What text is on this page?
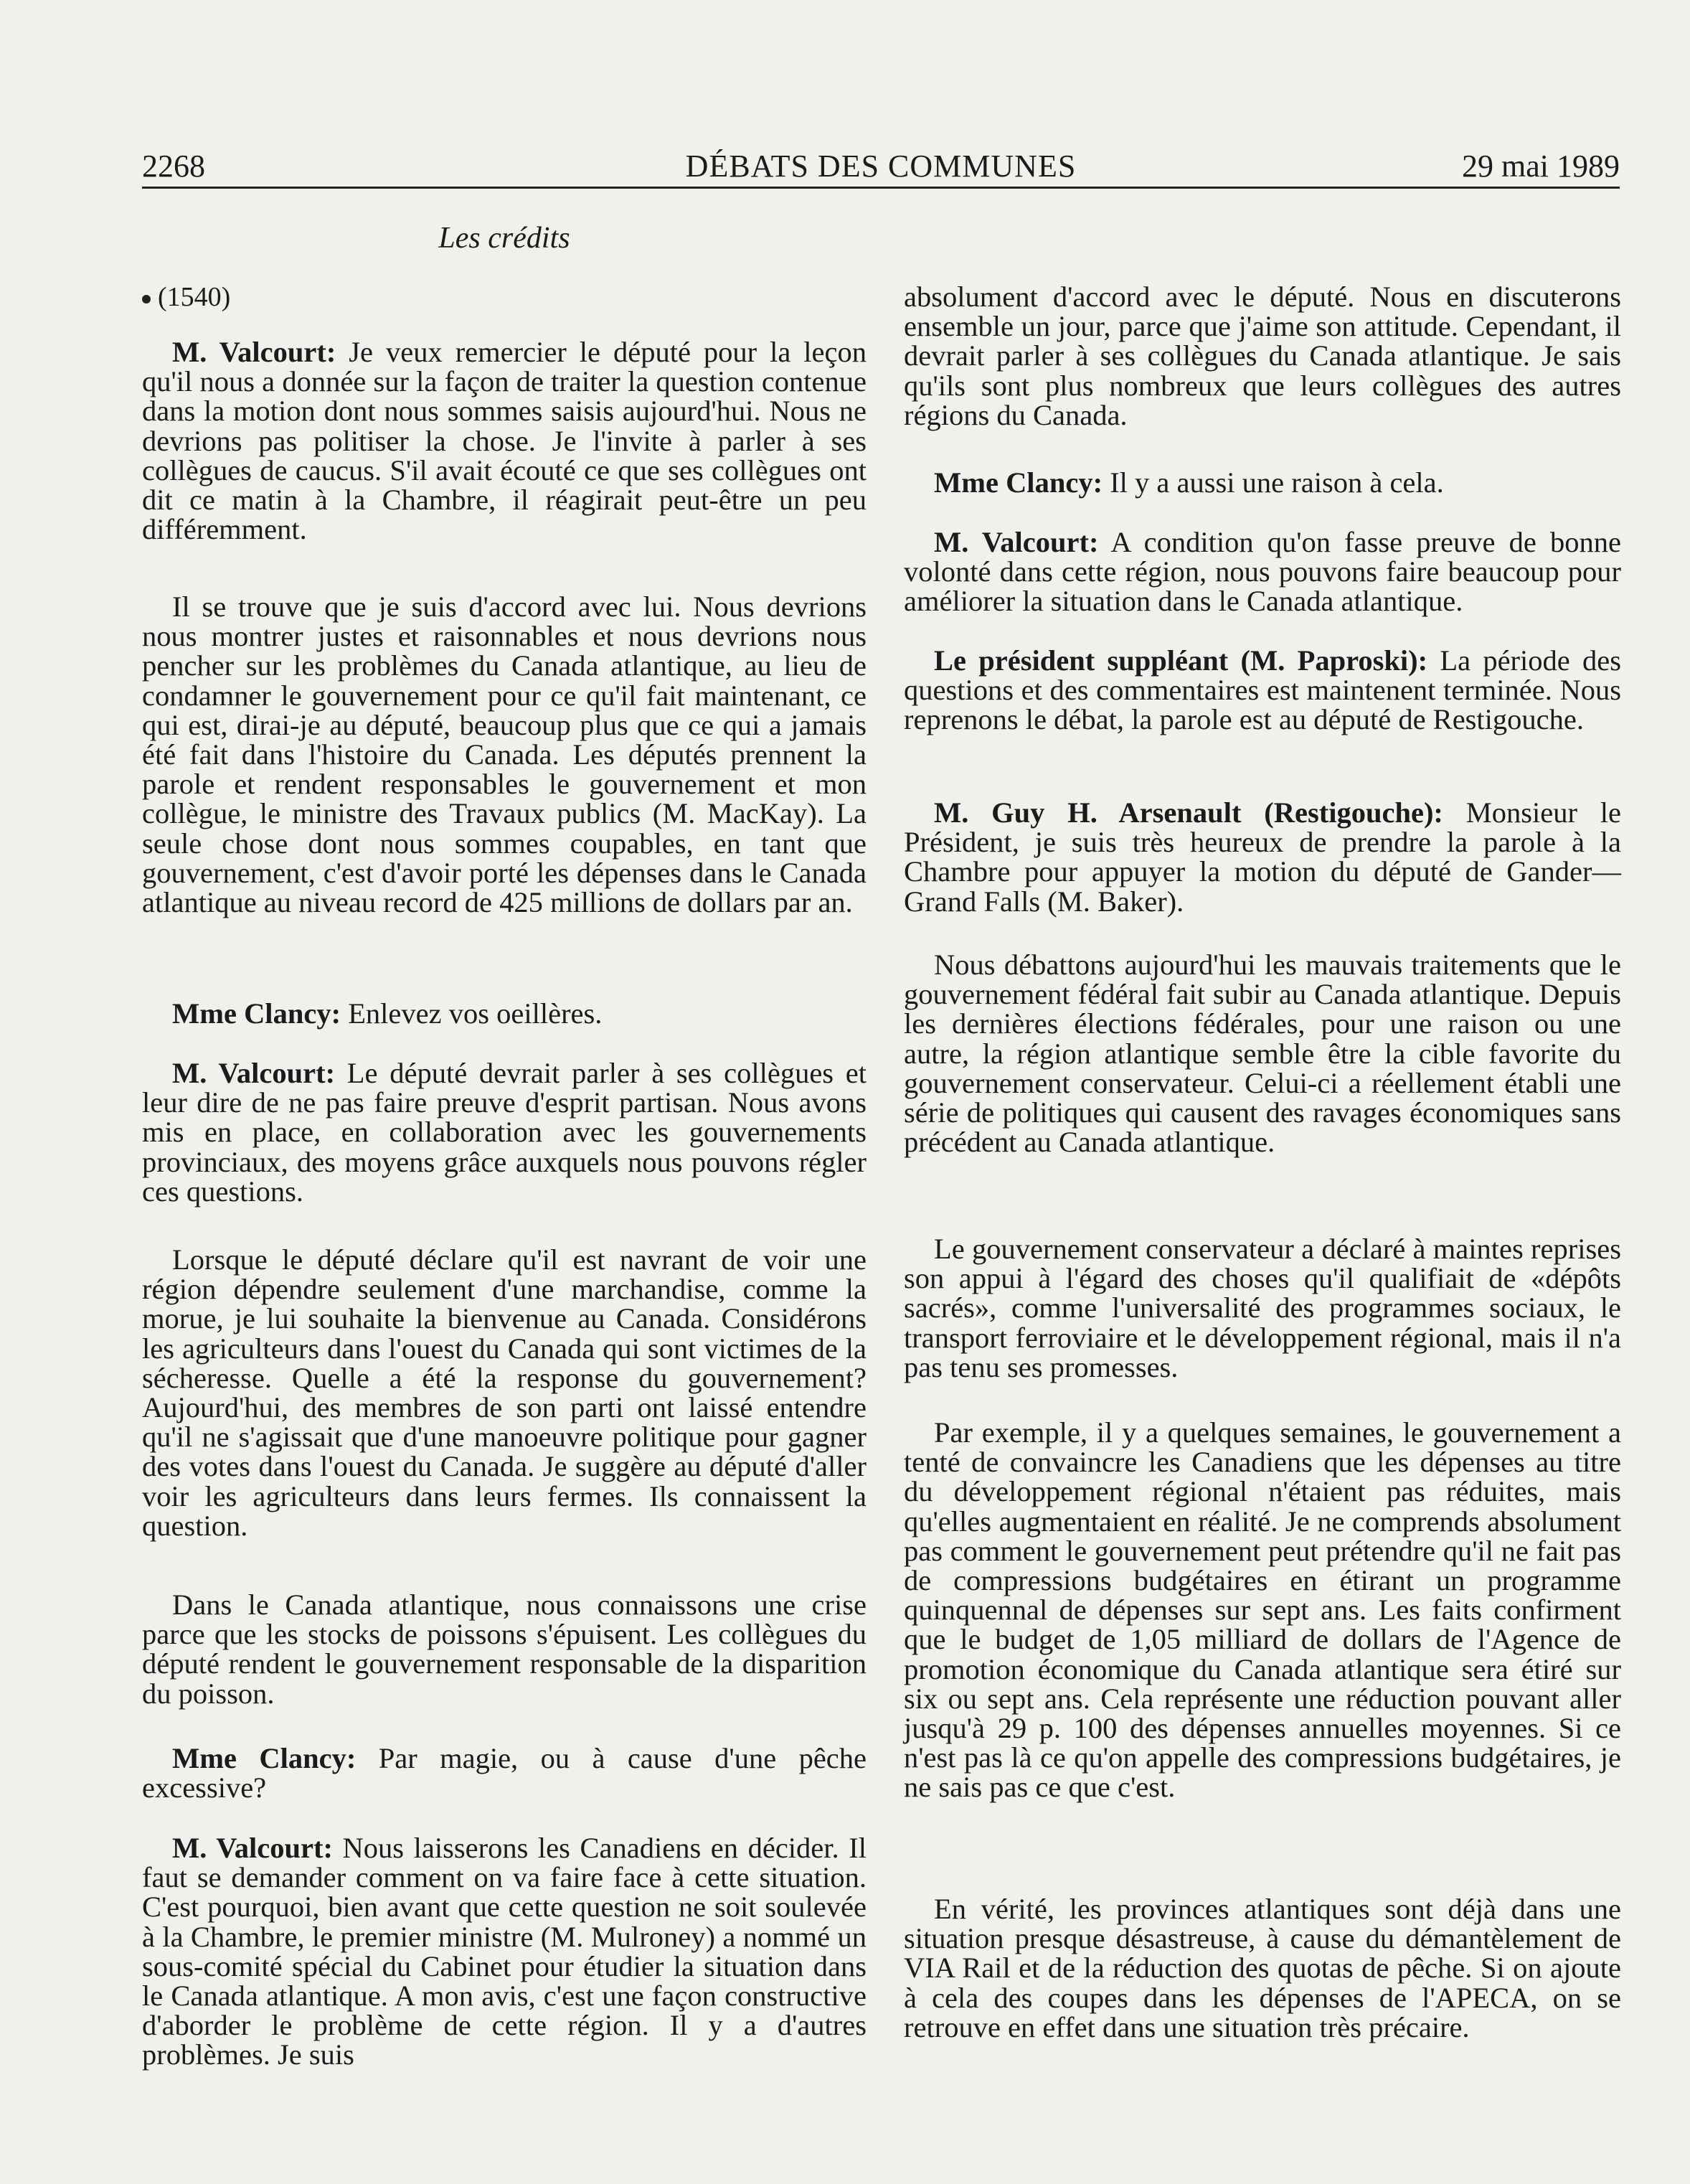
2268	DÉBATS DES COMMUNES	29 mai 1989
Les crédits
(1540)

M. Valcourt: Je veux remercier le député pour la leçon qu'il nous a donnée sur la façon de traiter la question contenue dans la motion dont nous sommes saisis aujourd'hui. Nous ne devrions pas politiser la chose. Je l'invite à parler à ses collègues de caucus. S'il avait écouté ce que ses collègues ont dit ce matin à la Chambre, il réagirait peut-être un peu différemment.

Il se trouve que je suis d'accord avec lui. Nous devrions nous montrer justes et raisonnables et nous devrions nous pencher sur les problèmes du Canada atlantique, au lieu de condamner le gouvernement pour ce qu'il fait maintenant, ce qui est, dirai-je au député, beaucoup plus que ce qui a jamais été fait dans l'histoire du Canada. Les députés prennent la parole et rendent responsables le gouvernement et mon collègue, le ministre des Travaux publics (M. MacKay). La seule chose dont nous sommes coupables, en tant que gouvernement, c'est d'avoir porté les dépenses dans le Canada atlantique au niveau record de 425 millions de dollars par an.

Mme Clancy: Enlevez vos oeillères.

M. Valcourt: Le député devrait parler à ses collègues et leur dire de ne pas faire preuve d'esprit partisan. Nous avons mis en place, en collaboration avec les gouvernements provinciaux, des moyens grâce auxquels nous pouvons régler ces questions.

Lorsque le député déclare qu'il est navrant de voir une région dépendre seulement d'une marchandise, comme la morue, je lui souhaite la bienvenue au Canada. Considérons les agriculteurs dans l'ouest du Canada qui sont victimes de la sécheresse. Quelle a été la response du gouvernement? Aujourd'hui, des membres de son parti ont laissé entendre qu'il ne s'agissait que d'une manoeuvre politique pour gagner des votes dans l'ouest du Canada. Je suggère au député d'aller voir les agriculteurs dans leurs fermes. Ils connaissent la question.

Dans le Canada atlantique, nous connaissons une crise parce que les stocks de poissons s'épuisent. Les collègues du député rendent le gouvernement responsable de la disparition du poisson.

Mme Clancy: Par magie, ou à cause d'une pêche excessive?

M. Valcourt: Nous laisserons les Canadiens en décider. Il faut se demander comment on va faire face à cette situation. C'est pourquoi, bien avant que cette question ne soit soulevée à la Chambre, le premier ministre (M. Mulroney) a nommé un sous-comité spécial du Cabinet pour étudier la situation dans le Canada atlantique. A mon avis, c'est une façon constructive d'aborder le problème de cette région. Il y a d'autres problèmes. Je suis

absolument d'accord avec le député. Nous en discuterons ensemble un jour, parce que j'aime son attitude. Cependant, il devrait parler à ses collègues du Canada atlantique. Je sais qu'ils sont plus nombreux que leurs collègues des autres régions du Canada.

Mme Clancy: Il y a aussi une raison à cela.

M. Valcourt: A condition qu'on fasse preuve de bonne volonté dans cette région, nous pouvons faire beaucoup pour améliorer la situation dans le Canada atlantique.

Le président suppléant (M. Paproski): La période des questions et des commentaires est maintenent terminée. Nous reprenons le débat, la parole est au député de Restigouche.

M. Guy H. Arsenault (Restigouche): Monsieur le Président, je suis très heureux de prendre la parole à la Chambre pour appuyer la motion du député de Gander—Grand Falls (M. Baker).

Nous débattons aujourd'hui les mauvais traitements que le gouvernement fédéral fait subir au Canada atlantique. Depuis les dernières élections fédérales, pour une raison ou une autre, la région atlantique semble être la cible favorite du gouvernement conservateur. Celui-ci a réellement établi une série de politiques qui causent des ravages économiques sans précédent au Canada atlantique.

Le gouvernement conservateur a déclaré à maintes reprises son appui à l'égard des choses qu'il qualifiait de «dépôts sacrés», comme l'universalité des programmes sociaux, le transport ferroviaire et le développement régional, mais il n'a pas tenu ses promesses.

Par exemple, il y a quelques semaines, le gouvernement a tenté de convaincre les Canadiens que les dépenses au titre du développement régional n'étaient pas réduites, mais qu'elles augmentaient en réalité. Je ne comprends absolument pas comment le gouvernement peut prétendre qu'il ne fait pas de compressions budgétaires en étirant un programme quinquennal de dépenses sur sept ans. Les faits confirment que le budget de 1,05 milliard de dollars de l'Agence de promotion économique du Canada atlantique sera étiré sur six ou sept ans. Cela représente une réduction pouvant aller jusqu'à 29 p. 100 des dépenses annuelles moyennes. Si ce n'est pas là ce qu'on appelle des compressions budgétaires, je ne sais pas ce que c'est.

En vérité, les provinces atlantiques sont déjà dans une situation presque désastreuse, à cause du démantèlement de VIA Rail et de la réduction des quotas de pêche. Si on ajoute à cela des coupes dans les dépenses de l'APECA, on se retrouve en effet dans une situation très précaire.
